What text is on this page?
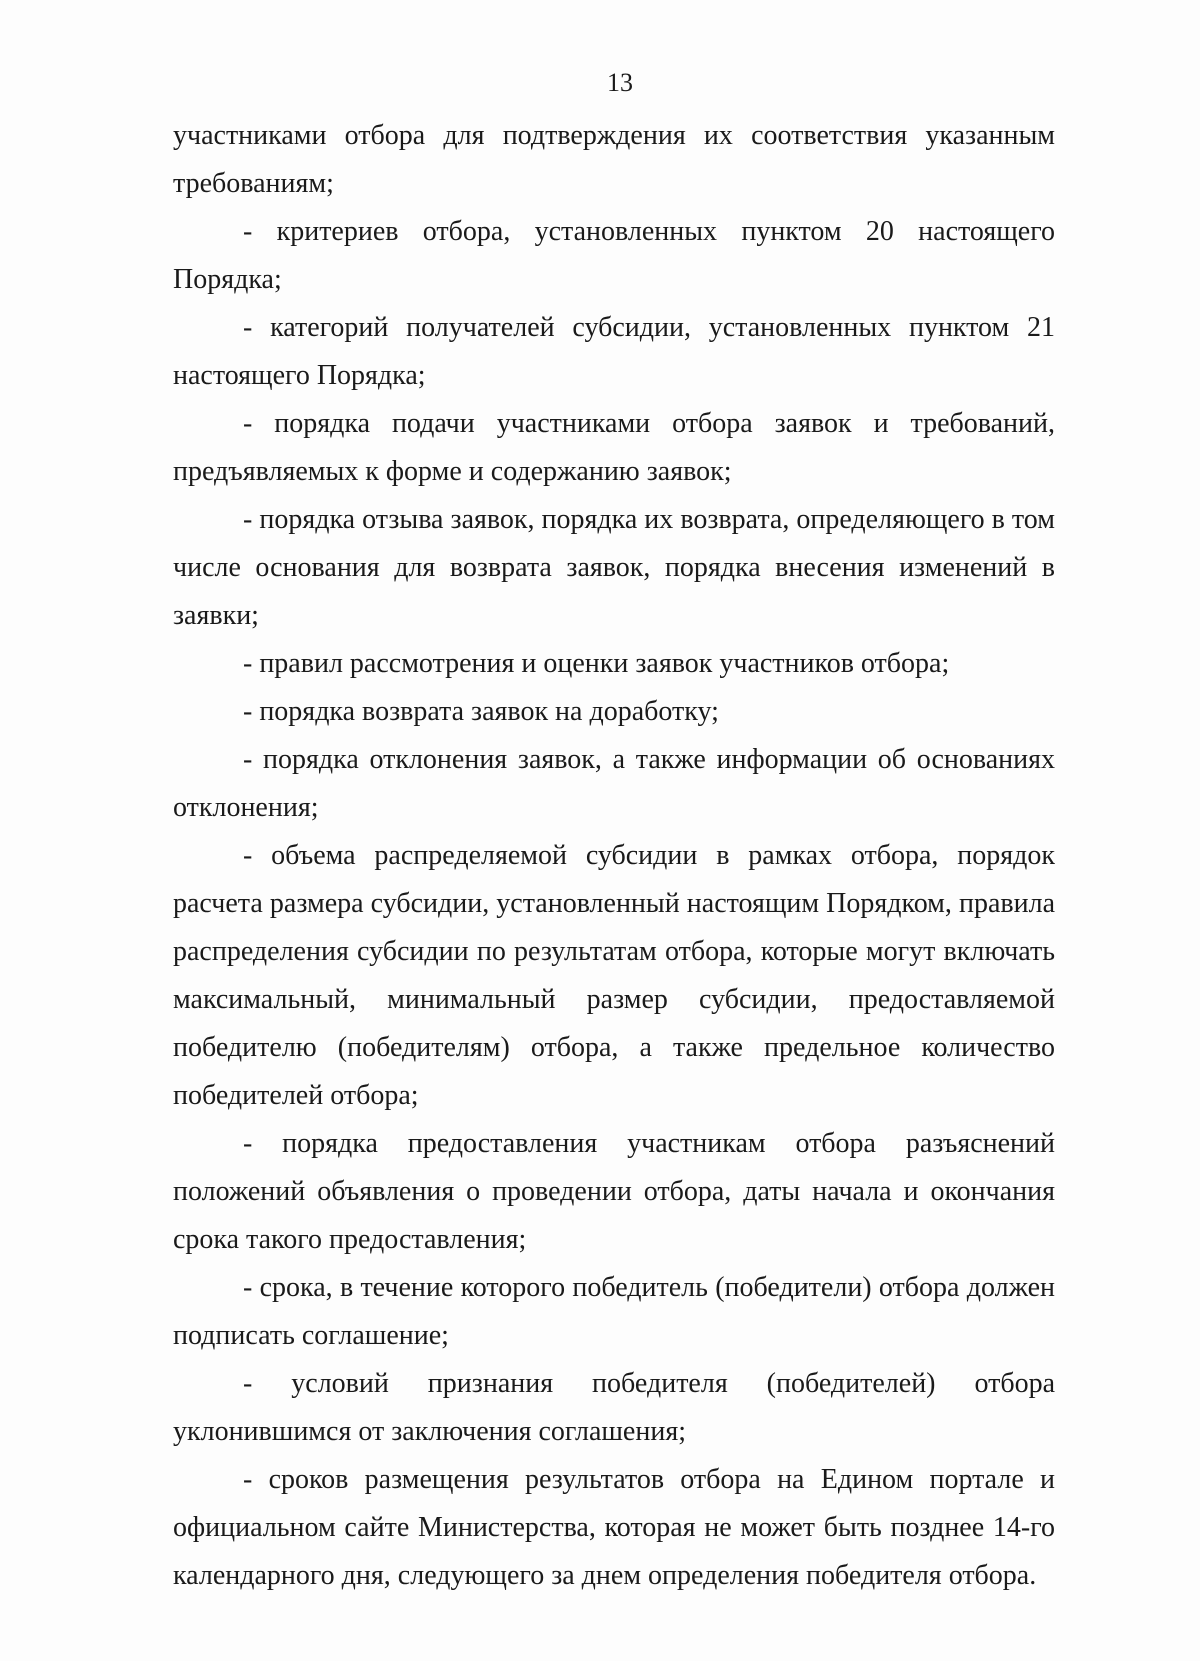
13

участниками отбора для подтверждения их соответствия указанным требованиям;

- критериев отбора, установленных пунктом 20 настоящего Порядка;

- категорий получателей субсидии, установленных пунктом 21 настоящего Порядка;

- порядка подачи участниками отбора заявок и требований, предъявляемых к форме и содержанию заявок;

- порядка отзыва заявок, порядка их возврата, определяющего в том числе основания для возврата заявок, порядка внесения изменений в заявки;

- правил рассмотрения и оценки заявок участников отбора;

- порядка возврата заявок на доработку;

- порядка отклонения заявок, а также информации об основаниях отклонения;

- объема распределяемой субсидии в рамках отбора, порядок расчета размера субсидии, установленный настоящим Порядком, правила распределения субсидии по результатам отбора, которые могут включать максимальный, минимальный размер субсидии, предоставляемой победителю (победителям) отбора, а также предельное количество победителей отбора;

- порядка предоставления участникам отбора разъяснений положений объявления о проведении отбора, даты начала и окончания срока такого предоставления;

- срока, в течение которого победитель (победители) отбора должен подписать соглашение;

- условий признания победителя (победителей) отбора уклонившимся от заключения соглашения;

- сроков размещения результатов отбора на Едином портале и официальном сайте Министерства, которая не может быть позднее 14-го календарного дня, следующего за днем определения победителя отбора.
